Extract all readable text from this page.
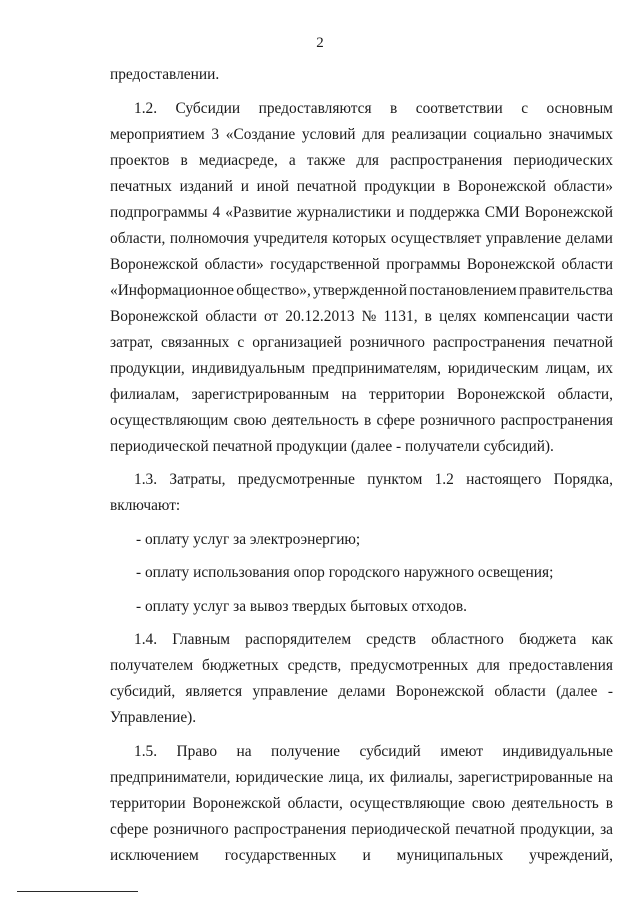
2
предоставлении.
1.2. Субсидии предоставляются в соответствии с основным
мероприятием 3 «Создание условий для реализации социально значимых
проектов в медиасреде, а также для распространения периодических
печатных изданий и иной печатной продукции в Воронежской области»
подпрограммы 4 «Развитие журналистики и поддержка СМИ Воронежской
области, полномочия учредителя которых осуществляет управление делами
Воронежской области» государственной программы Воронежской области
«Информационное общество», утвержденной постановлением правительства
Воронежской области от 20.12.2013 № 1131, в целях компенсации части
затрат, связанных с организацией розничного распространения печатной
продукции, индивидуальным предпринимателям, юридическим лицам, их
филиалам, зарегистрированным на территории Воронежской области,
осуществляющим свою деятельность в сфере розничного распространения
периодической печатной продукции (далее - получатели субсидий).
1.3. Затраты, предусмотренные пунктом 1.2 настоящего Порядка,
включают:
- оплату услуг за электроэнергию;
- оплату использования опор городского наружного освещения;
- оплату услуг за вывоз твердых бытовых отходов.
1.4. Главным распорядителем средств областного бюджета как
получателем бюджетных средств, предусмотренных для предоставления
субсидий, является управление делами Воронежской области (далее -
Управление).
1.5. Право на получение субсидий имеют индивидуальные
предприниматели, юридические лица, их филиалы, зарегистрированные на
территории Воронежской области, осуществляющие свою деятельность в
сфере розничного распространения периодической печатной продукции, за
исключением государственных и муниципальных учреждений,
